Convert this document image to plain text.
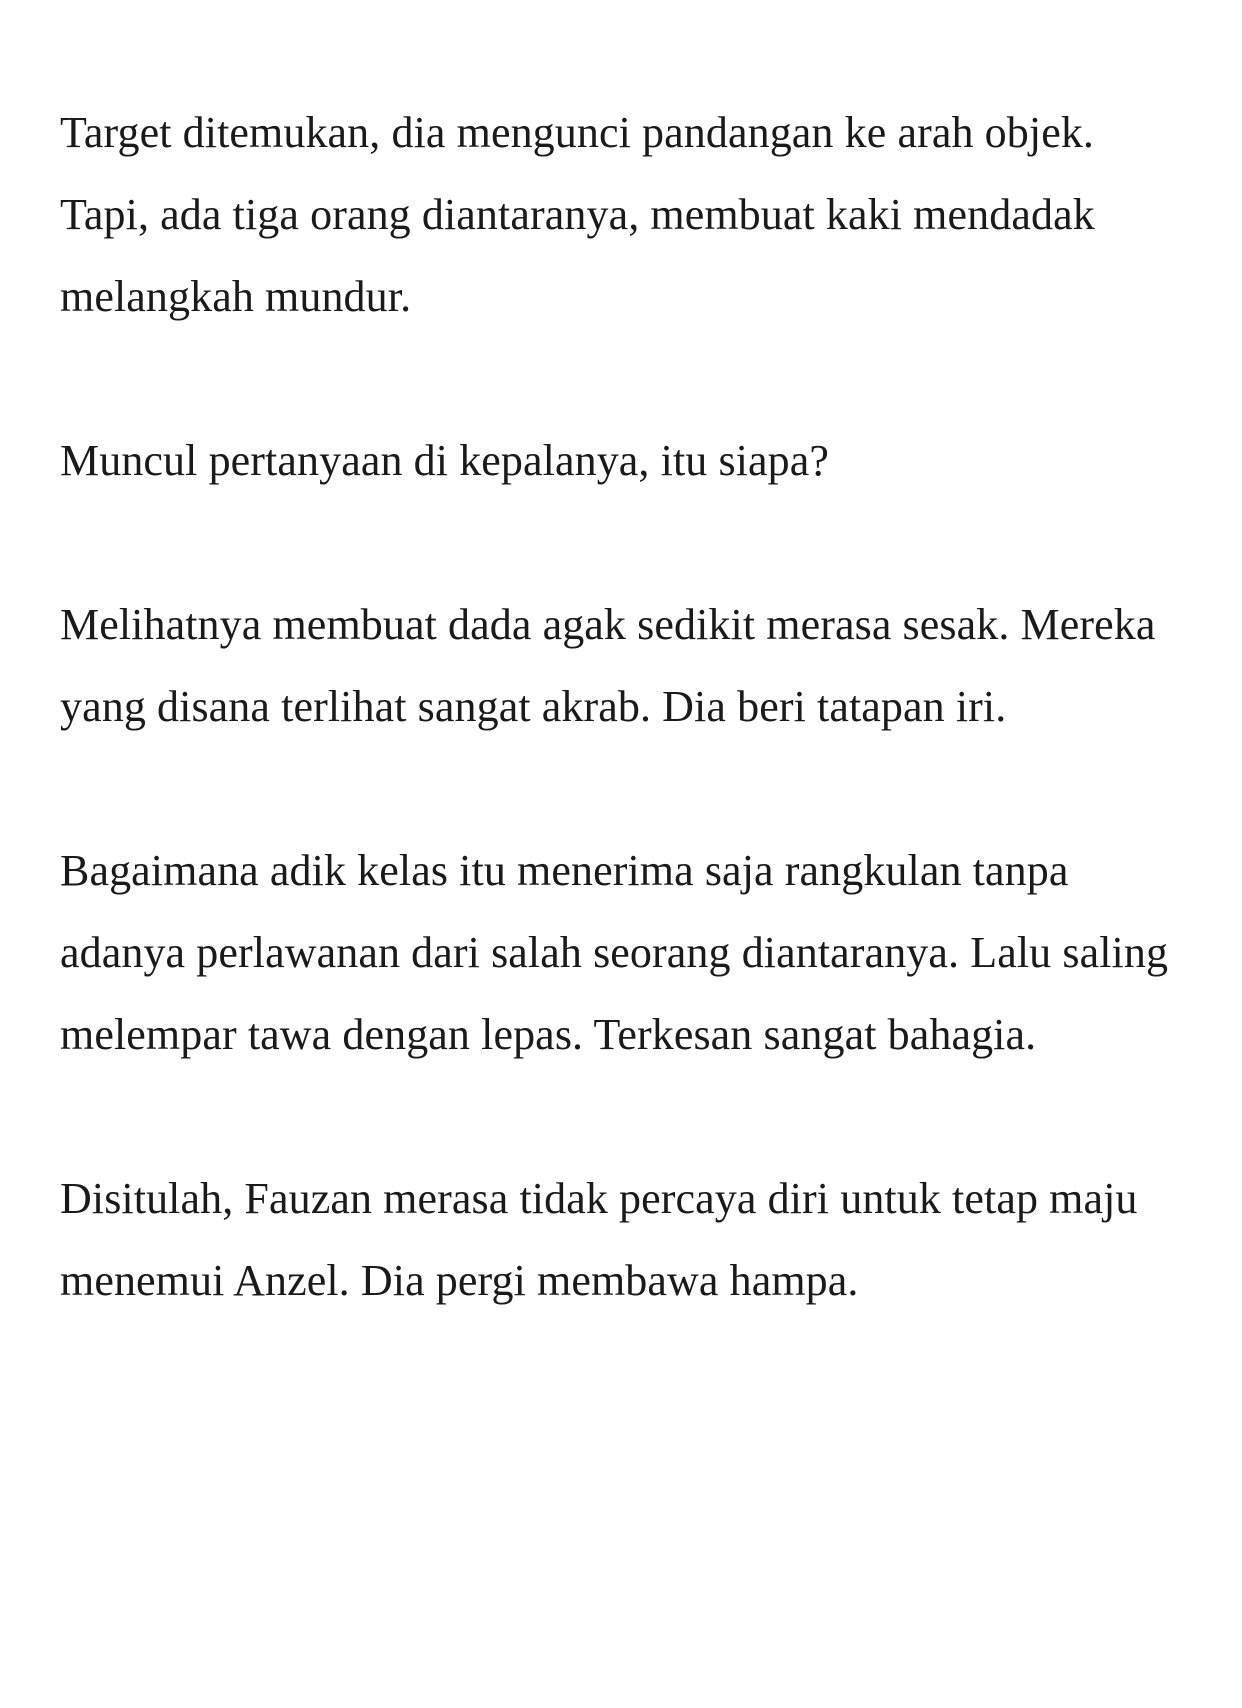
Target ditemukan, dia mengunci pandangan ke arah objek. Tapi, ada tiga orang diantaranya, membuat kaki mendadak melangkah mundur.

Muncul pertanyaan di kepalanya, itu siapa?

Melihatnya membuat dada agak sedikit merasa sesak. Mereka yang disana terlihat sangat akrab. Dia beri tatapan iri.

Bagaimana adik kelas itu menerima saja rangkulan tanpa adanya perlawanan dari salah seorang diantaranya. Lalu saling melempar tawa dengan lepas. Terkesan sangat bahagia.

Disitulah, Fauzan merasa tidak percaya diri untuk tetap maju menemui Anzel. Dia pergi membawa hampa.
